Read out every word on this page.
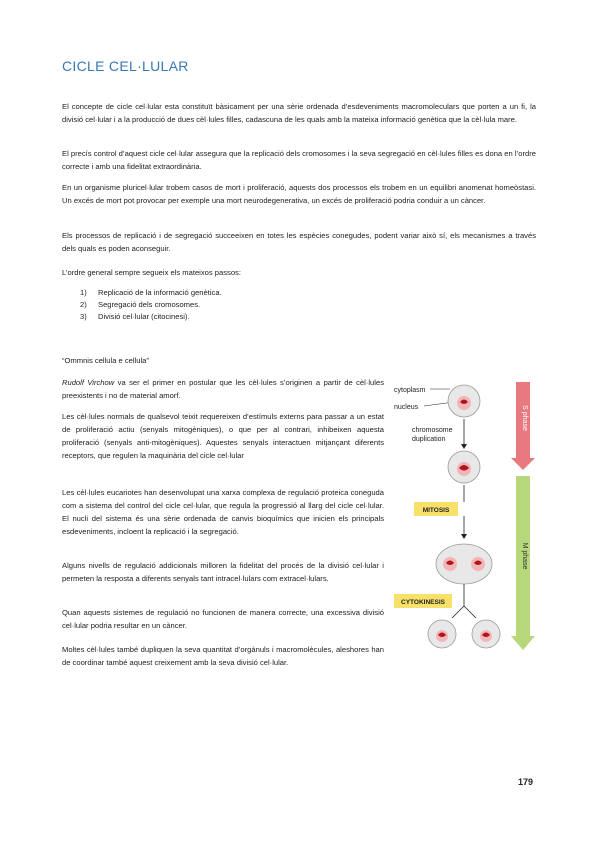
CICLE CEL·LULAR

El concepte de cicle cel·lular esta constituït bàsicament per una sèrie ordenada d’esdeveniments macromoleculars que porten a un fi, la divisió cel·lular i a la producció de dues cèl·lules filles, cadascuna de les quals amb la mateixa informació genètica que la cèl·lula mare.

El precís control d’aquest cicle cel·lular assegura que la replicació dels cromosomes i la seva segregació en cèl·lules filles es dona en l’ordre correcte i amb una fidelitat extraordinària.

En un organisme pluricel·lular trobem casos de mort i proliferació, aquests dos processos els trobem en un equilibri anomenat homeòstasi. Un excés de mort pot provocar per exemple una mort neurodegenerativa, un excés de proliferació podria conduir a un càncer.

Els processos de replicació i de segregació succeeixen en totes les espècies conegudes, podent variar això sí, els mecanismes a través dels quals es poden aconseguir.

L’ordre general sempre segueix els mateixos passos:

1)	Replicació de la informació genètica.
2)	Segregació dels cromosomes.
3)	Divisió cel·lular (citocinesi).

“Ommnis cellula e cellula”

Rudolf Virchow va ser el primer en postular que les cèl·lules s’originen a partir de cèl·lules preexistents i no de material amorf.

Les cèl·lules normals de qualsevol teixit requereixen d’estímuls externs para passar a un estat de proliferació actiu (senyals mitogèniques), o que per al contrari, inhibeixen aquesta proliferació (senyals anti-mitogèniques). Aquestes senyals interactuen mitjançant diferents receptors, que regulen la maquinària del cicle cel·lular

Les cèl·lules eucariotes han desenvolupat una xarxa complexa de regulació proteica coneguda com a sistema del control del cicle cel·lular, que regula la progressió al llarg del cicle cel·lular. El nucli del sistema és una sèrie ordenada de canvis bioquímics que inicien els principals esdeveniments, incloent la replicació i la segregació.

Alguns nivells de regulació addicionals milloren la fidelitat del procés de la divisió cel·lular i permeten la resposta a diferents senyals tant intracel·lulars com extracel·lulars.

Quan aquests sistemes de regulació no funcionen de manera correcte, una excessiva divisió cel·lular podria resultar en un càncer.

Moltes cèl·lules també dupliquen la seva quantitat d’orgànuls i macromolècules, aleshores han de coordinar també aquest creixement amb la seva divisió cel·lular.

S phase
M phase
cytoplasm
nucleus
chromosome
duplication
MITOSIS
CYTOKINESIS
179
